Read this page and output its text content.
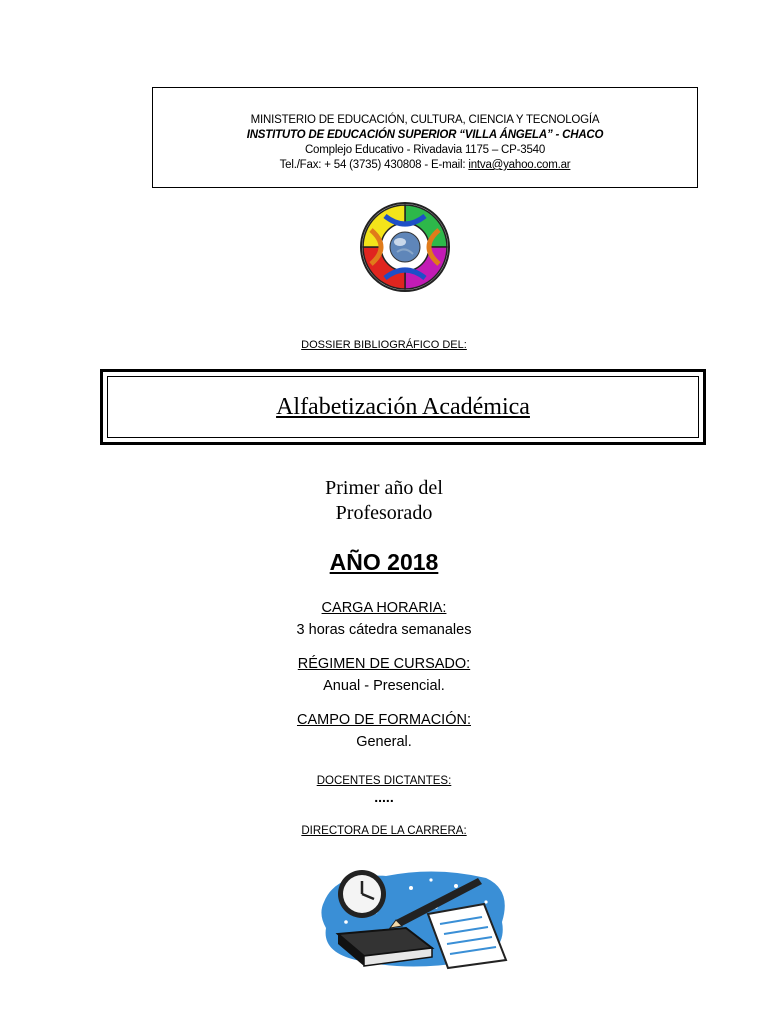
MINISTERIO DE EDUCACIÓN, CULTURA, CIENCIA Y TECNOLOGÍA
INSTITUTO DE EDUCACIÓN SUPERIOR “VILLA ÁNGELA” - CHACO
Complejo Educativo - Rivadavia 1175 – CP-3540
Tel./Fax: + 54 (3735) 430808 - E-mail: intva@yahoo.com.ar
DOSSIER BIBLIOGRÁFICO DEL:
Alfabetización Académica
Primer año del
Profesorado
AÑO 2018
CARGA HORARIA:
3 horas cátedra semanales
RÉGIMEN DE CURSADO:
Anual - Presencial.
CAMPO DE FORMACIÓN:
General.
DOCENTES DICTANTES:
.....
DIRECTORA DE LA CARRERA:
